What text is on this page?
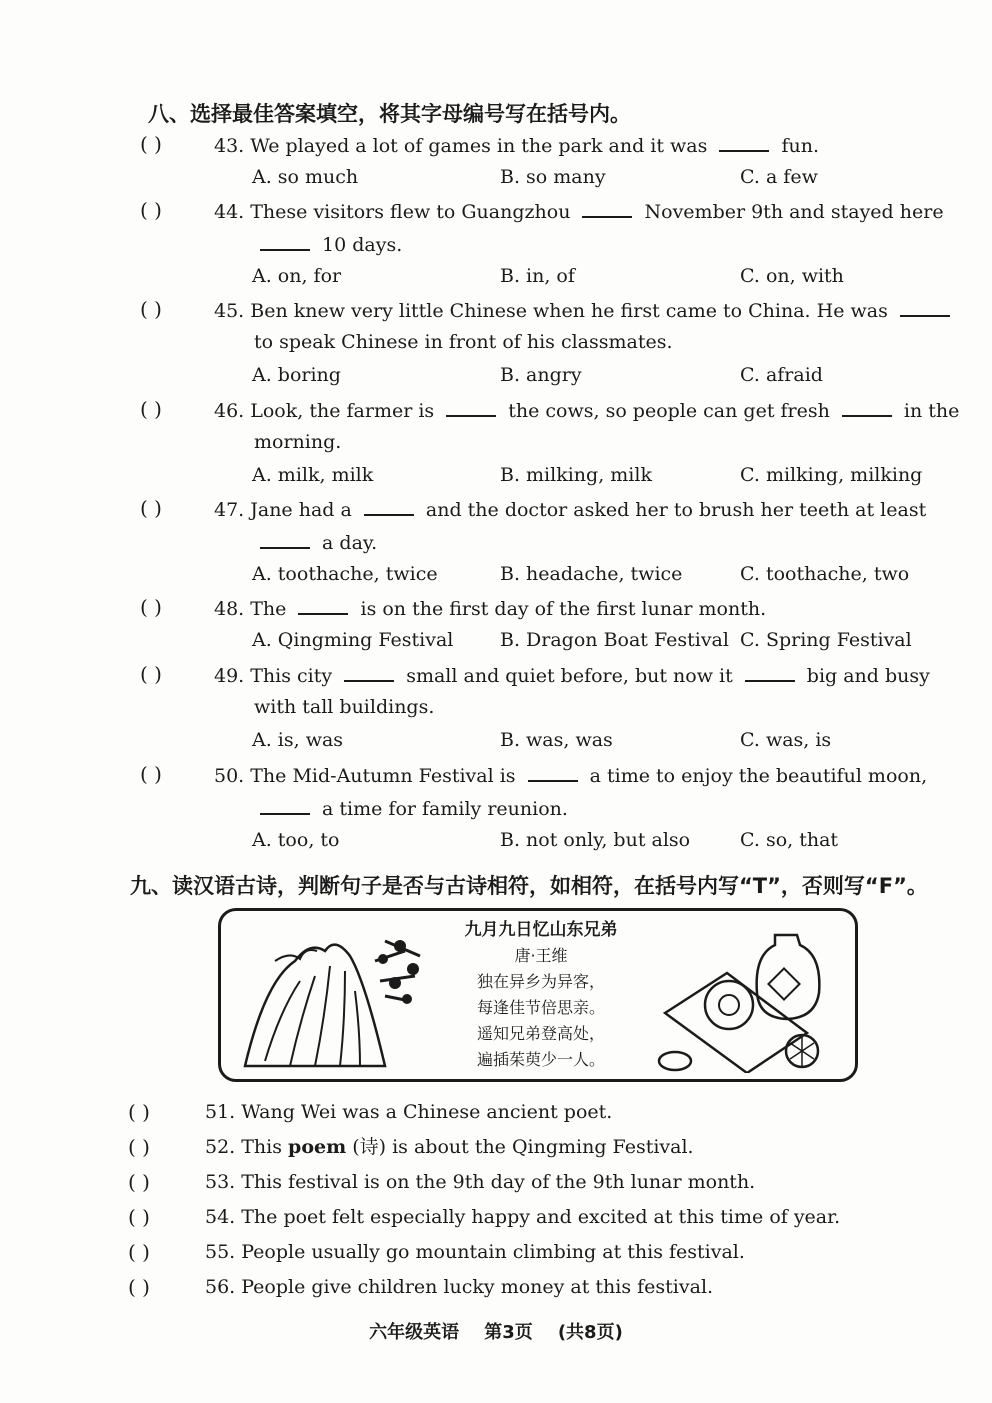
八、选择最佳答案填空，将其字母编号写在括号内。
( )	43. We played a lot of games in the park and it was	fun.
A. so much	B. so many	C. a few
( )	44. These visitors flew to Guangzhou	November 9th and stayed here
10 days.
A. on, for	B. in, of	C. on, with
( )	45. Ben knew very little Chinese when he first came to China. He was
to speak Chinese in front of his classmates.
A. boring	B. angry	C. afraid
( )	46. Look, the farmer is	the cows, so people can get fresh	in the
morning.
A. milk, milk	B. milking, milk	C. milking, milking
( )	47. Jane had a	and the doctor asked her to brush her teeth at least
a day.
A. toothache, twice	B. headache, twice	C. toothache, two
( )	48. The	is on the first day of the first lunar month.
A. Qingming Festival B. Dragon Boat Festival C. Spring Festival
( )	49. This city	small and quiet before, but now it	big and busy
with tall buildings.
A. is, was	B. was, was	C. was, is
( )	50. The Mid-Autumn Festival is	a time to enjoy the beautiful moon,
a time for family reunion.
A. too, to	B. not only, but also	C. so, that
九、读汉语古诗，判断句子是否与古诗相符，如相符，在括号内写“T”，否则写“F”。
九月九日忆山东兄弟
唐·王维
独在异乡为异客，
每逢佳节倍思亲。
遥知兄弟登高处，
遍插茱萸少一人。
( )	51. Wang Wei was a Chinese ancient poet.
( )	52. This poem (诗) is about the Qingming Festival.
( )	53. This festival is on the 9th day of the 9th lunar month.
( )	54. The poet felt especially happy and excited at this time of year.
( )	55. People usually go mountain climbing at this festival.
( )	56. People give children lucky money at this festival.
六年级英语    第3页    (共8页)
